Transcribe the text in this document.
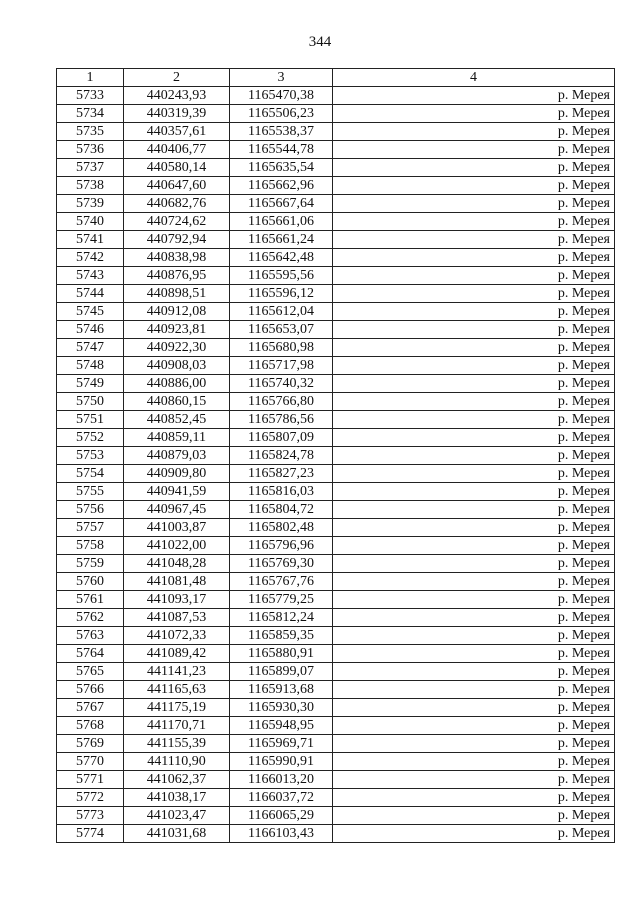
344
1	2	3	4
5733	440243,93	1165470,38	р. Мерея
5734	440319,39	1165506,23	р. Мерея
5735	440357,61	1165538,37	р. Мерея
5736	440406,77	1165544,78	р. Мерея
5737	440580,14	1165635,54	р. Мерея
5738	440647,60	1165662,96	р. Мерея
5739	440682,76	1165667,64	р. Мерея
5740	440724,62	1165661,06	р. Мерея
5741	440792,94	1165661,24	р. Мерея
5742	440838,98	1165642,48	р. Мерея
5743	440876,95	1165595,56	р. Мерея
5744	440898,51	1165596,12	р. Мерея
5745	440912,08	1165612,04	р. Мерея
5746	440923,81	1165653,07	р. Мерея
5747	440922,30	1165680,98	р. Мерея
5748	440908,03	1165717,98	р. Мерея
5749	440886,00	1165740,32	р. Мерея
5750	440860,15	1165766,80	р. Мерея
5751	440852,45	1165786,56	р. Мерея
5752	440859,11	1165807,09	р. Мерея
5753	440879,03	1165824,78	р. Мерея
5754	440909,80	1165827,23	р. Мерея
5755	440941,59	1165816,03	р. Мерея
5756	440967,45	1165804,72	р. Мерея
5757	441003,87	1165802,48	р. Мерея
5758	441022,00	1165796,96	р. Мерея
5759	441048,28	1165769,30	р. Мерея
5760	441081,48	1165767,76	р. Мерея
5761	441093,17	1165779,25	р. Мерея
5762	441087,53	1165812,24	р. Мерея
5763	441072,33	1165859,35	р. Мерея
5764	441089,42	1165880,91	р. Мерея
5765	441141,23	1165899,07	р. Мерея
5766	441165,63	1165913,68	р. Мерея
5767	441175,19	1165930,30	р. Мерея
5768	441170,71	1165948,95	р. Мерея
5769	441155,39	1165969,71	р. Мерея
5770	441110,90	1165990,91	р. Мерея
5771	441062,37	1166013,20	р. Мерея
5772	441038,17	1166037,72	р. Мерея
5773	441023,47	1166065,29	р. Мерея
5774	441031,68	1166103,43	р. Мерея
